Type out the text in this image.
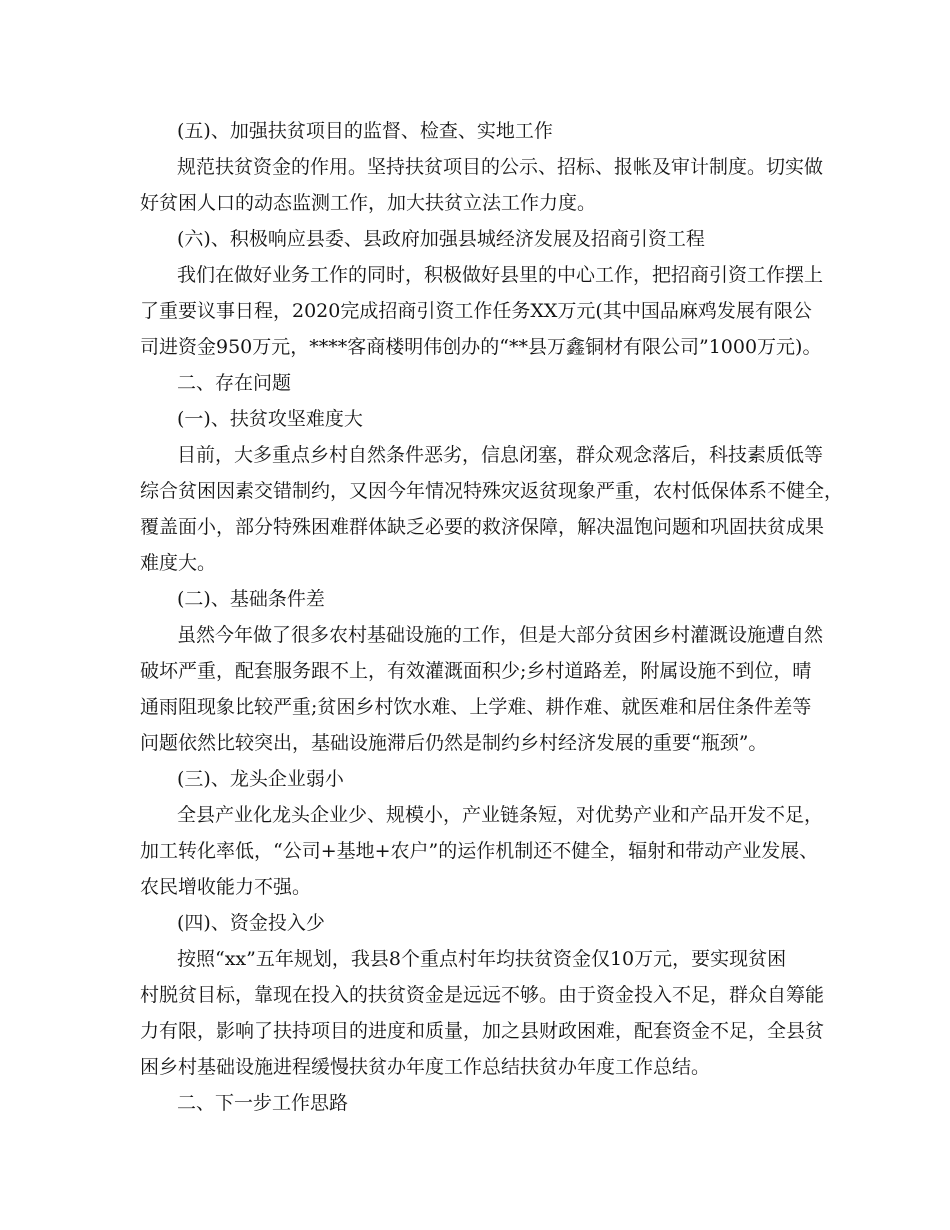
(五)、加强扶贫项目的监督、检查、实地工作
规范扶贫资金的作用。坚持扶贫项目的公示、招标、报帐及审计制度。切实做
好贫困人口的动态监测工作，加大扶贫立法工作力度。
(六)、积极响应县委、县政府加强县城经济发展及招商引资工程
我们在做好业务工作的同时，积极做好县里的中心工作，把招商引资工作摆上
了重要议事日程，2020完成招商引资工作任务XX万元(其中国品麻鸡发展有限公
司进资金950万元，****客商楼明伟创办的“**县万鑫铜材有限公司”1000万元)。
二、存在问题
(一)、扶贫攻坚难度大
目前，大多重点乡村自然条件恶劣，信息闭塞，群众观念落后，科技素质低等
综合贫困因素交错制约，又因今年情况特殊灾返贫现象严重，农村低保体系不健全，
覆盖面小，部分特殊困难群体缺乏必要的救济保障，解决温饱问题和巩固扶贫成果
难度大。
(二)、基础条件差
虽然今年做了很多农村基础设施的工作，但是大部分贫困乡村灌溉设施遭自然
破坏严重，配套服务跟不上，有效灌溉面积少;乡村道路差，附属设施不到位，晴
通雨阻现象比较严重;贫困乡村饮水难、上学难、耕作难、就医难和居住条件差等
问题依然比较突出，基础设施滞后仍然是制约乡村经济发展的重要“瓶颈”。
(三)、龙头企业弱小
全县产业化龙头企业少、规模小，产业链条短，对优势产业和产品开发不足，
加工转化率低，“公司+基地+农户”的运作机制还不健全，辐射和带动产业发展、
农民增收能力不强。
(四)、资金投入少
按照“xx”五年规划，我县8个重点村年均扶贫资金仅10万元，要实现贫困
村脱贫目标，靠现在投入的扶贫资金是远远不够。由于资金投入不足，群众自筹能
力有限，影响了扶持项目的进度和质量，加之县财政困难，配套资金不足，全县贫
困乡村基础设施进程缓慢扶贫办年度工作总结扶贫办年度工作总结。
二、下一步工作思路
